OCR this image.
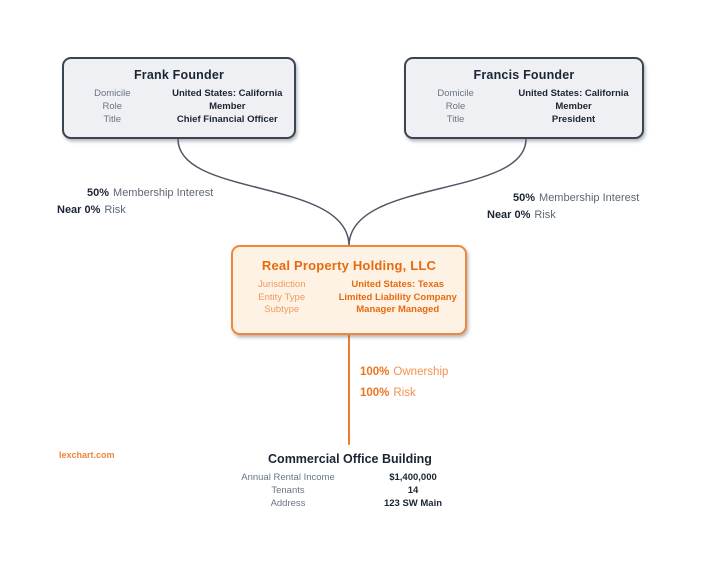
Frank Founder
Domicile	United States: California
Role	Member
Title	Chief Financial Officer
Francis Founder
Domicile	United States: California
Role	Member
Title	President
Real Property Holding, LLC
Jurisdiction	United States: Texas
Entity Type	Limited Liability Company
Subtype	Manager Managed
50% Membership Interest
Near 0% Risk
50% Membership Interest
Near 0% Risk
100% Ownership
100% Risk
Commercial Office Building
Annual Rental Income	$1,400,000
Tenants	14
Address	123 SW Main
lexchart.com
